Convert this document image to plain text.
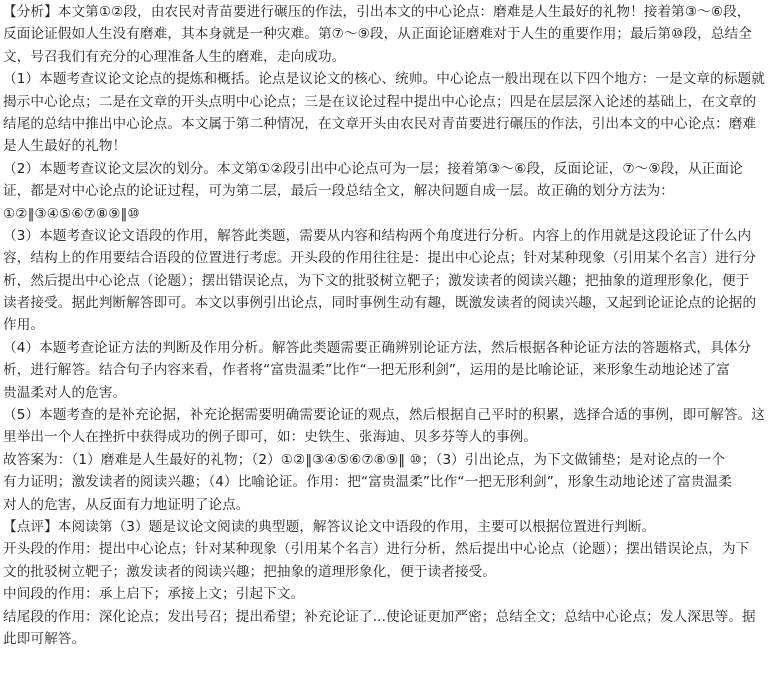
【分析】本文第①②段，由农民对青苗要进行碾压的作法，引出本文的中心论点：磨难是人生最好的礼物！接着第③～⑥段，
反面论证假如人生没有磨难，其本身就是一种灾难。第⑦～⑨段，从正面论证磨难对于人生的重要作用；最后第⑩段，总结全
文，号召我们有充分的心理准备人生的磨难，走向成功。
（1）本题考查议论文论点的提炼和概括。论点是议论文的核心、统帅。中心论点一般出现在以下四个地方：一是文章的标题就
揭示中心论点；二是在文章的开头点明中心论点；三是在议论过程中提出中心论点；四是在层层深入论述的基础上，在文章的
结尾的总结中推出中心论点。本文属于第二种情况，在文章开头由农民对青苗要进行碾压的作法，引出本文的中心论点：磨难
是人生最好的礼物！
（2）本题考查议论文层次的划分。本文第①②段引出中心论点可为一层；接着第③～⑥段，反面论证，⑦～⑨段，从正面论
证，都是对中心论点的论证过程，可为第二层，最后一段总结全文，解决问题自成一层。故正确的划分方法为：
①②‖③④⑤⑥⑦⑧⑨‖⑩
（3）本题考查议论文语段的作用，解答此类题，需要从内容和结构两个角度进行分析。内容上的作用就是这段论证了什么内
容，结构上的作用要结合语段的位置进行考虑。开头段的作用往往是：提出中心论点；针对某种现象（引用某个名言）进行分
析，然后提出中心论点（论题）；摆出错误论点，为下文的批驳树立靶子；激发读者的阅读兴趣；把抽象的道理形象化，便于
读者接受。据此判断解答即可。本文以事例引出论点，同时事例生动有趣，既激发读者的阅读兴趣，又起到论证论点的论据的
作用。
（4）本题考查论证方法的判断及作用分析。解答此类题需要正确辨别论证方法，然后根据各种论证方法的答题格式，具体分
析，进行解答。结合句子内容来看，作者将“富贵温柔”比作“一把无形利剑”，运用的是比喻论证，来形象生动地论述了富
贵温柔对人的危害。
（5）本题考查的是补充论据，补充论据需要明确需要论证的观点，然后根据自己平时的积累，选择合适的事例，即可解答。这
里举出一个人在挫折中获得成功的例子即可，如：史铁生、张海迪、贝多芬等人的事例。
故答案为：（1）磨难是人生最好的礼物；（2）①②‖③④⑤⑥⑦⑧⑨‖ ⑩；（3）引出论点，为下文做铺垫；是对论点的一个
有力证明；激发读者的阅读兴趣；（4）比喻论证。作用：把“富贵温柔”比作“一把无形利剑”，形象生动地论述了富贵温柔
对人的危害，从反面有力地证明了论点。
【点评】本阅读第（3）题是议论文阅读的典型题，解答议论文中语段的作用，主要可以根据位置进行判断。
开头段的作用：提出中心论点；针对某种现象（引用某个名言）进行分析，然后提出中心论点（论题）；摆出错误论点，为下
文的批驳树立靶子；激发读者的阅读兴趣；把抽象的道理形象化，便于读者接受。
中间段的作用：承上启下；承接上文；引起下文。
结尾段的作用：深化论点；发出号召；提出希望；补充论证了...使论证更加严密；总结全文；总结中心论点；发人深思等。据
此即可解答。
